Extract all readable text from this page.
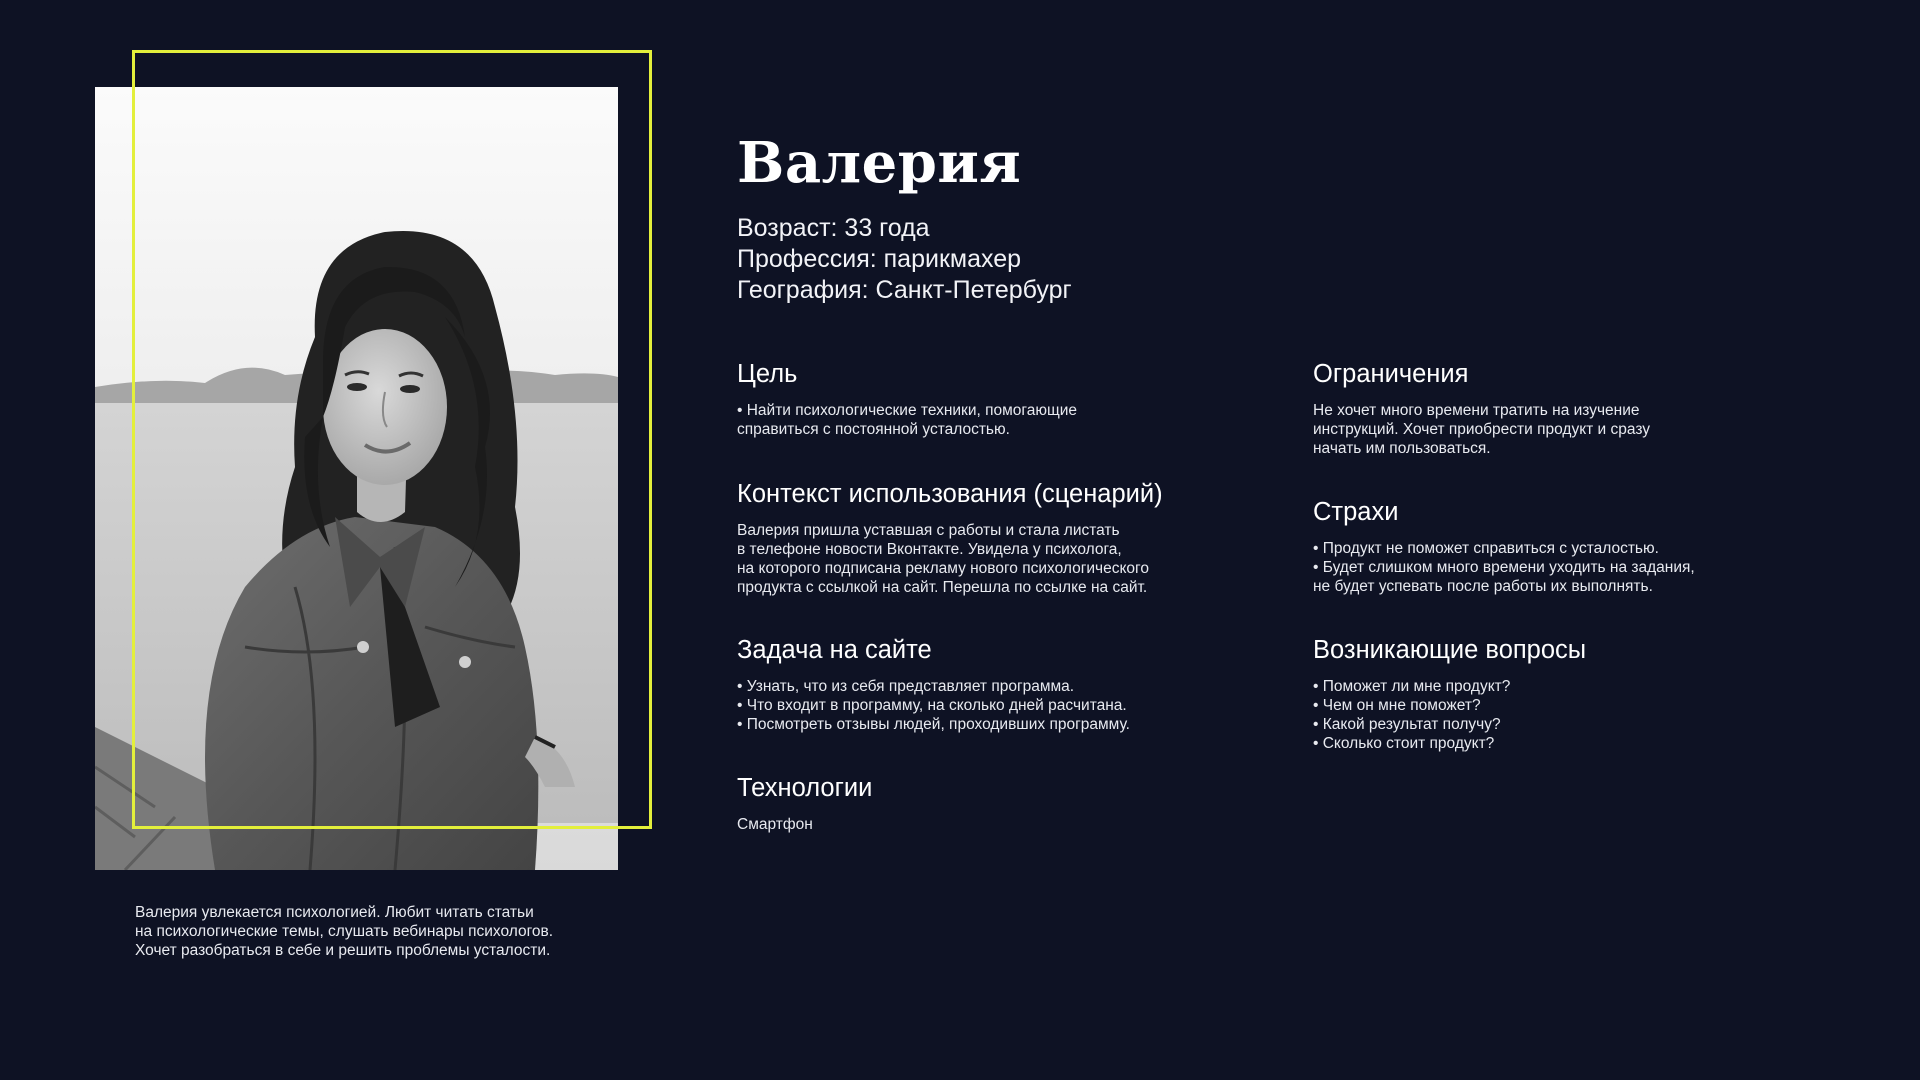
Валерия увлекается психологией. Любит читать статьи
на психологические темы, слушать вебинары психологов.
Хочет разобраться в себе и решить проблемы усталости.
Валерия
Возраст: 33 года
Профессия: парикмахер
География: Санкт-Петербург
Цель
• Найти психологические техники, помогающие
справиться с постоянной усталостью.
Контекст использования (сценарий)
Валерия пришла уставшая с работы и стала листать
в телефоне новости Вконтакте. Увидела у психолога,
на которого подписана рекламу нового психологического
продукта с ссылкой на сайт. Перешла по ссылке на сайт.
Задача на сайте
• Узнать, что из себя представляет программа.
• Что входит в программу, на сколько дней расчитана.
• Посмотреть отзывы людей, проходивших программу.
Технологии
Смартфон
Ограничения
Не хочет много времени тратить на изучение
инструкций. Хочет приобрести продукт и сразу
начать им пользоваться.
Страхи
• Продукт не поможет справиться с усталостью.
• Будет слишком много времени уходить на задания,
не будет успевать после работы их выполнять.
Возникающие вопросы
• Поможет ли мне продукт?
• Чем он мне поможет?
• Какой результат получу?
• Сколько стоит продукт?
